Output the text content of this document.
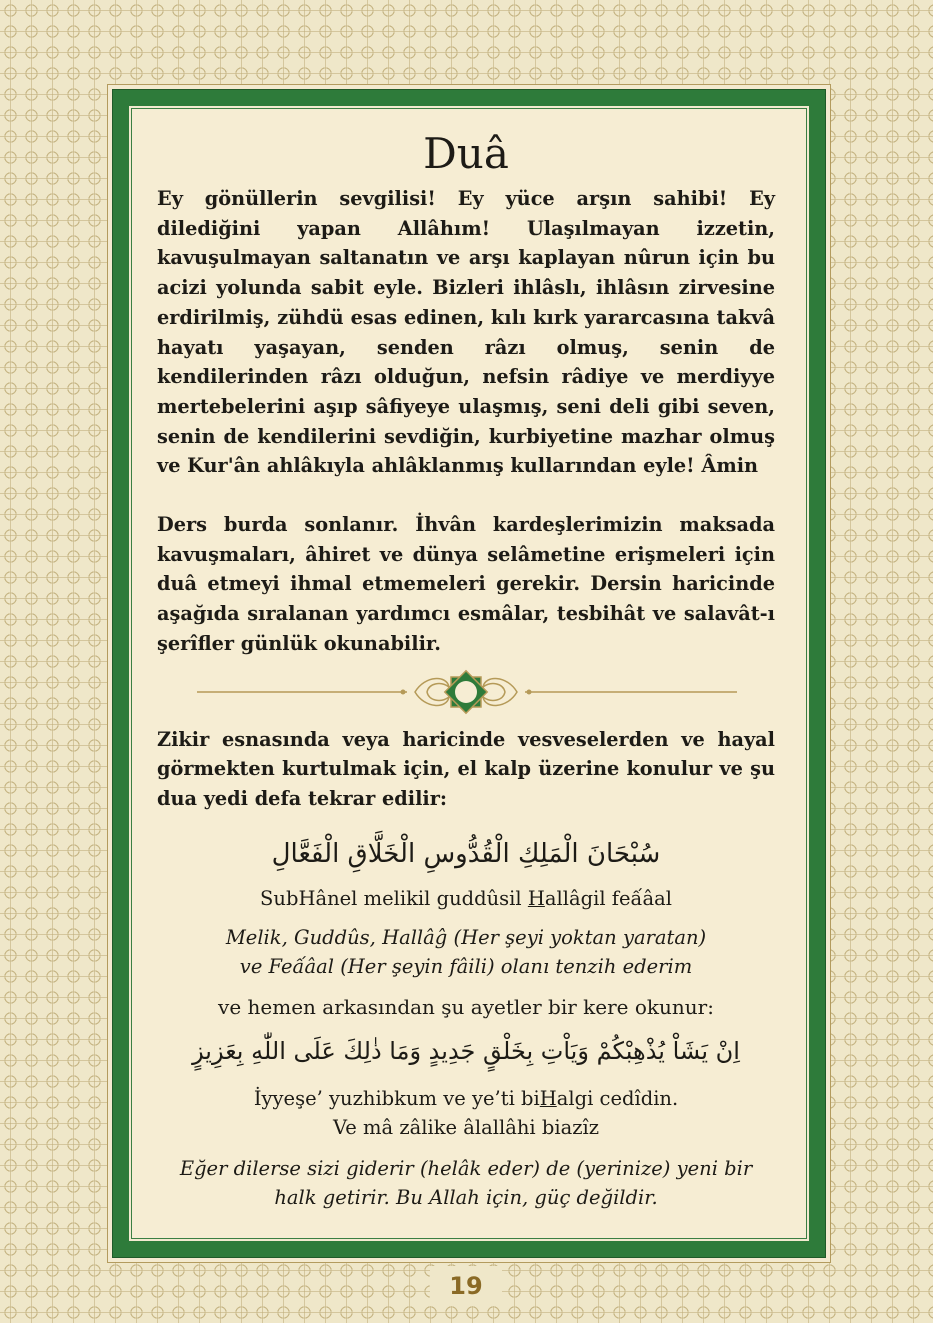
Duâ

Ey gönüllerin sevgilisi! Ey yüce arşın sahibi! Ey dilediğini yapan Allâhım! Ulaşılmayan izzetin, kavuşulmayan saltanatın ve arşı kaplayan nûrun için bu acizi yolunda sabit eyle. Bizleri ihlâslı, ihlâsın zirvesine erdirilmiş, zühdü esas edinen, kılı kırk yararcasına takvâ hayatı yaşayan, senden râzı olmuş, senin de kendilerinden râzı olduğun, nefsin râdiye ve merdiyye mertebelerini aşıp sâfiyeye ulaşmış, seni deli gibi seven, senin de kendilerini sevdiğin, kurbiyetine mazhar olmuş ve Kur'ân ahlâkıyla ahlâklanmış kullarından eyle! Âmin

Ders burda sonlanır. İhvân kardeşlerimizin maksada kavuşmaları, âhiret ve dünya selâmetine erişmeleri için duâ etmeyi ihmal etmemeleri gerekir. Dersin haricinde aşağıda sıralanan yardımcı esmâlar, tesbihât ve salavât-ı şerîfler günlük okunabilir.

Zikir esnasında veya haricinde vesveselerden ve hayal görmekten kurtulmak için, el kalp üzerine konulur ve şu dua yedi defa tekrar edilir:

سُبْحَانَ الْمَلِكِ الْقُدُّوسِ الْخَلَّاقِ الْفَعَّالِ

SubHânel melikil guddûsil Hallâgil feấâal

Melik, Guddûs, Hallâĝ (Her şeyi yoktan yaratan)

ve Feấâal (Her şeyin fâili) olanı tenzih ederim

ve hemen arkasından şu ayetler bir kere okunur:

اِنْ يَشَاْ يُذْهِبْكُمْ وَيَاْتِ بِخَلْقٍ جَدِيدٍ وَمَا ذٰلِكَ عَلَى اللّٰهِ بِعَزِيزٍ

İyyeşe’ yuzhibkum ve ye’ti biHalgi cedîdin.

Ve mâ zâlike âlallâhi biazîz

Eğer dilerse sizi giderir (helâk eder) de (yerinize) yeni bir

halk getirir. Bu Allah için, güç değildir.

19
